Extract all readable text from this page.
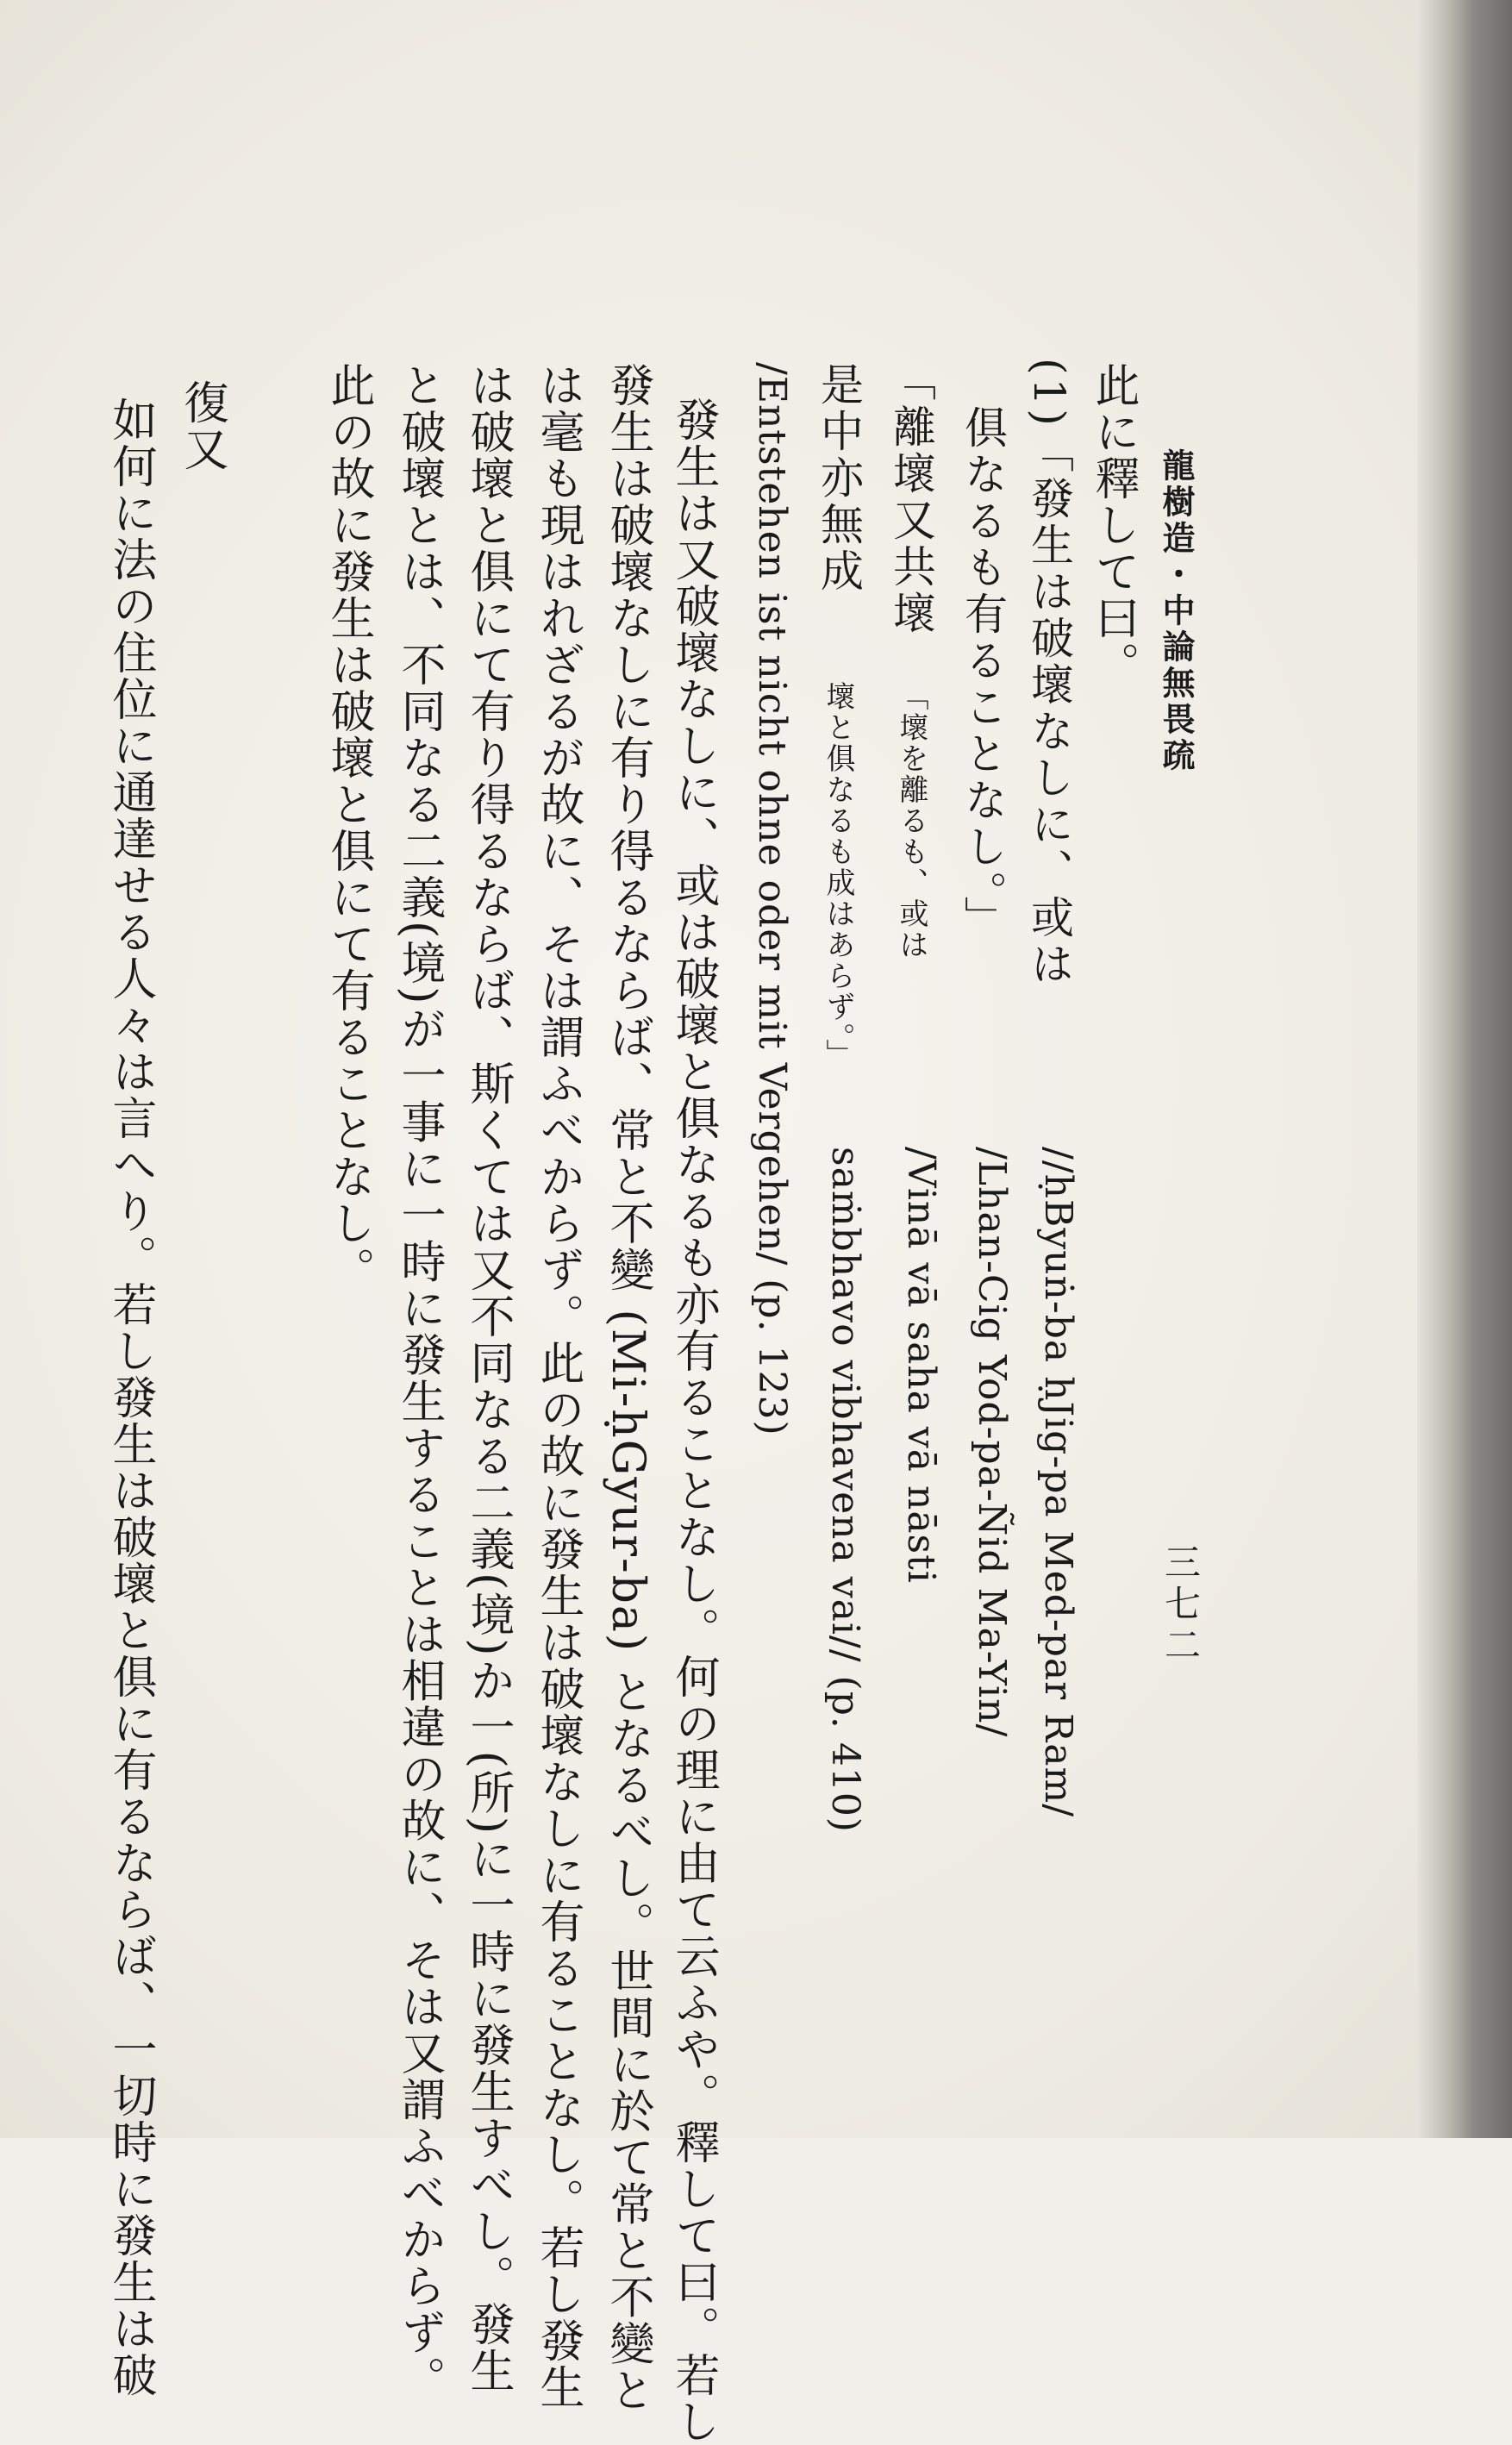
龍樹造・中論無畏疏
三七二
//ḥByuṅ-ba ḥJig-pa Med-par Ram/
/Lhan-Cig Yod-pa-Ñid Ma-Yin/
/Vinā vā saha vā nāsti
saṁbhavo vibhavena vai// (p. 410)
此に釋して曰。
(1)「發生は破壞なしに、或は
俱なるも有ることなし。」
「離壞又共壞
「壞を離るも、或は
是中亦無成
壞と俱なるも成はあらず。」
/Entstehen ist nicht ohne oder mit Vergehen/ (p. 123)
發生は又破壞なしに、或は破壞と俱なるも亦有ることなし。何の理に由て云ふや。釋して曰。若し
發生は破壞なしに有り得るならば、常と不變 (Mi-ḥGyur-ba) となるべし。世間に於て常と不變と
は毫も現はれざるが故に、そは謂ふべからず。此の故に發生は破壞なしに有ることなし。若し發生
は破壞と俱にて有り得るならば、斯くては又不同なる二義(境)か一(所)に一時に發生すべし。發生
と破壞とは、不同なる二義(境)が一事に一時に發生することは相違の故に、そは又謂ふべからず。
此の故に發生は破壞と俱にて有ることなし。
復又
如何に法の住位に通達せる人々は言へり。若し發生は破壞と俱に有るならば、一切時に發生は破
